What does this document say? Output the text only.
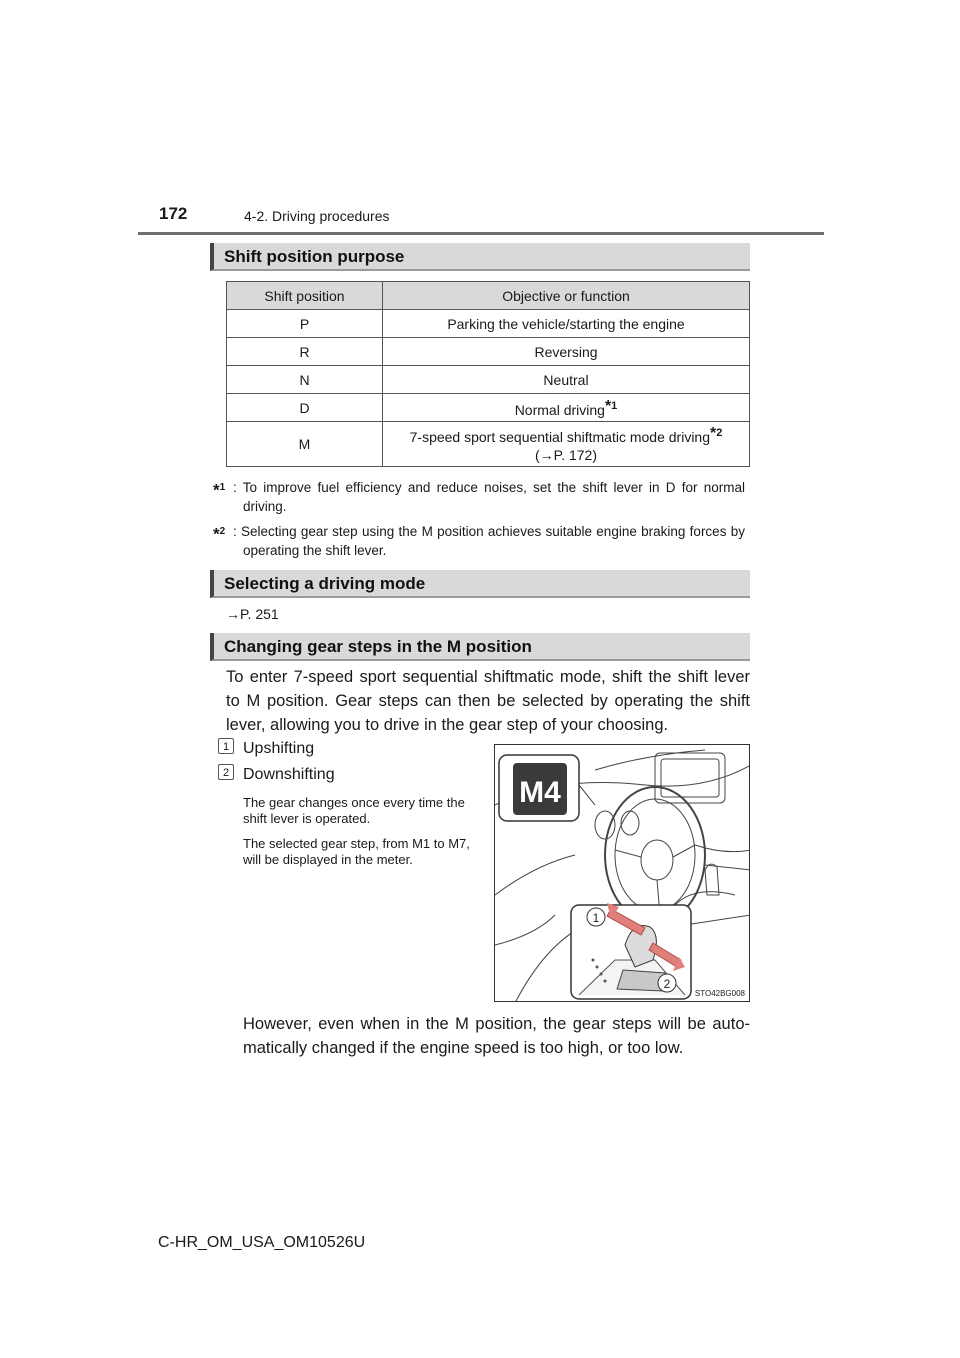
172	4-2. Driving procedures
Shift position purpose
Shift position	Objective or function
P	Parking the vehicle/starting the engine
R	Reversing
N	Neutral
D	Normal driving$^{*1}$
M	7-speed sport sequential shiftmatic mode driving$^{*2}$
(→P. 172)
*$^1$ : To improve fuel efficiency and reduce noises, set the shift lever in D for normal driving.
*$^2$ : Selecting gear step using the M position achieves suitable engine braking forces by operating the shift lever.
Selecting a driving mode
→P. 251
Changing gear steps in the M position
To enter 7-speed sport sequential shiftmatic mode, shift the shift lever to M position. Gear steps can then be selected by operating the shift lever, allowing you to drive in the gear step of your choosing.
1 Upshifting
2 Downshifting
The gear changes once every time the shift lever is operated.
The selected gear step, from M1 to M7, will be displayed in the meter.
M4
1
2
STO42BG008
However, even when in the M position, the gear steps will be auto-matically changed if the engine speed is too high, or too low.
C-HR_OM_USA_OM10526U
